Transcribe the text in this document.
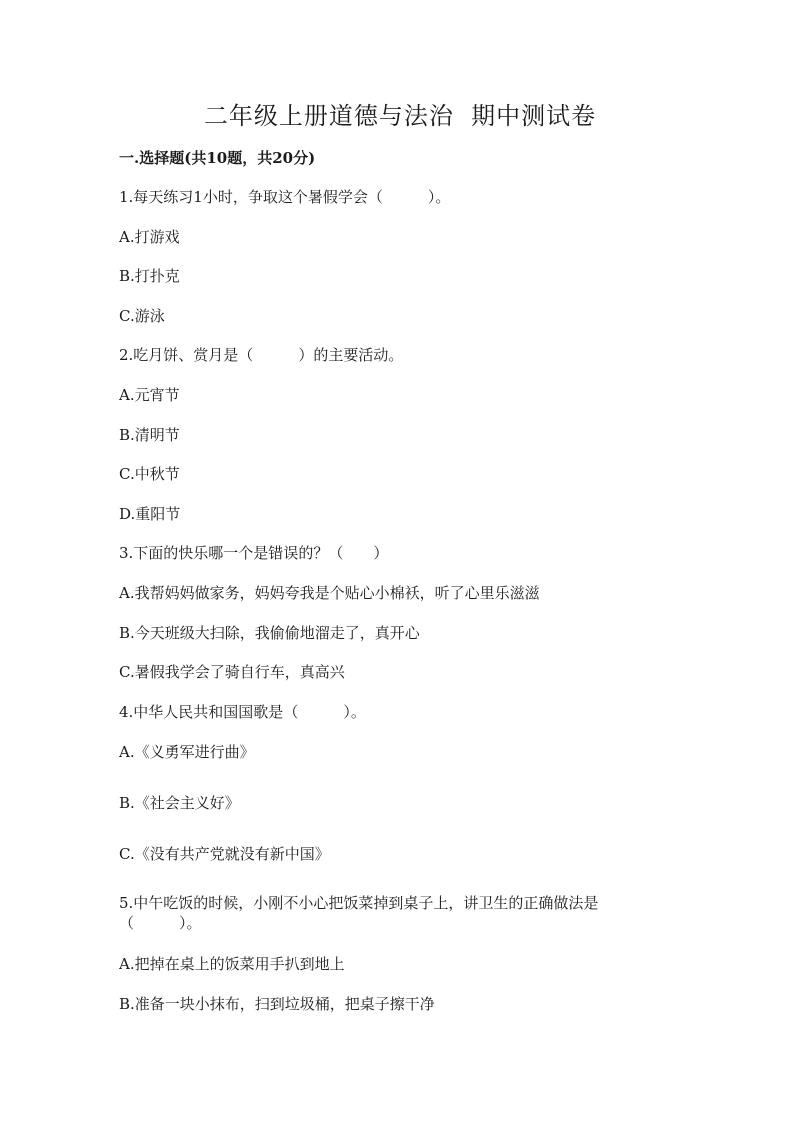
二年级上册道德与法治  期中测试卷

一.选择题(共10题，共20分)

1.每天练习1小时，争取这个暑假学会（　　　）。

A.打游戏

B.打扑克

C.游泳

2.吃月饼、赏月是（　　　）的主要活动。

A.元宵节

B.清明节

C.中秋节

D.重阳节

3.下面的快乐哪一个是错误的？（　　）

A.我帮妈妈做家务，妈妈夸我是个贴心小棉袄，听了心里乐滋滋

B.今天班级大扫除，我偷偷地溜走了，真开心

C.暑假我学会了骑自行车，真高兴

4.中华人民共和国国歌是（　　　）。

A.《义勇军进行曲》

B.《社会主义好》

C.《没有共产党就没有新中国》

5.中午吃饭的时候，小刚不小心把饭菜掉到桌子上，讲卫生的正确做法是

（　　　）。

A.把掉在桌上的饭菜用手扒到地上

B.准备一块小抹布，扫到垃圾桶，把桌子擦干净
